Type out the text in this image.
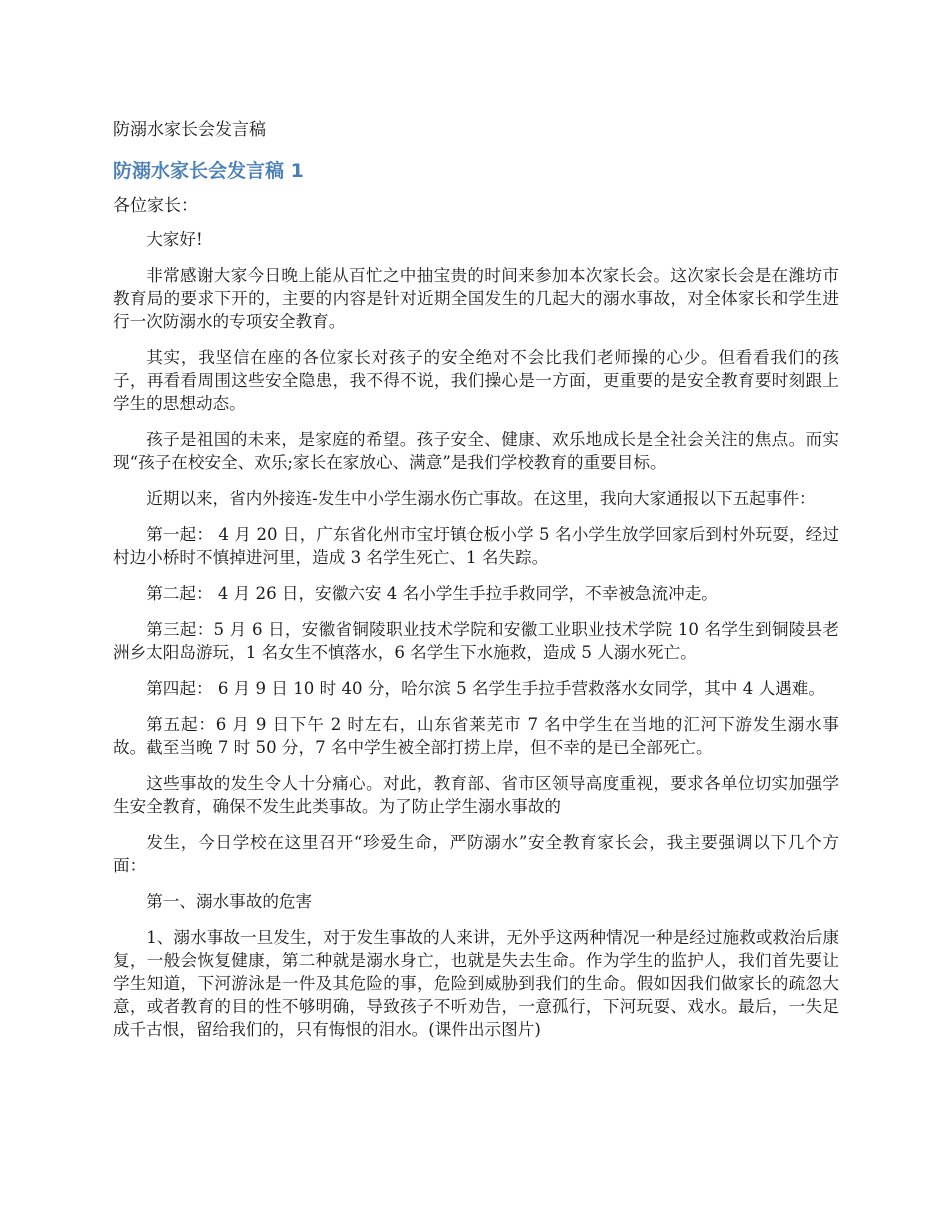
防溺水家长会发言稿
防溺水家长会发言稿 1
各位家长：

大家好!

非常感谢大家今日晚上能从百忙之中抽宝贵的时间来参加本次家长会。这次家长会是在潍坊市教育局的要求下开的，主要的内容是针对近期全国发生的几起大的溺水事故，对全体家长和学生进行一次防溺水的专项安全教育。

其实，我坚信在座的各位家长对孩子的安全绝对不会比我们老师操的心少。但看看我们的孩子，再看看周围这些安全隐患，我不得不说，我们操心是一方面，更重要的是安全教育要时刻跟上学生的思想动态。

孩子是祖国的未来，是家庭的希望。孩子安全、健康、欢乐地成长是全社会关注的焦点。而实现“孩子在校安全、欢乐;家长在家放心、满意”是我们学校教育的重要目标。

近期以来，省内外接连-发生中小学生溺水伤亡事故。在这里，我向大家通报以下五起事件：

第一起： 4 月 20 日，广东省化州市宝圩镇仓板小学 5 名小学生放学回家后到村外玩耍，经过村边小桥时不慎掉进河里，造成 3 名学生死亡、1 名失踪。

第二起： 4 月 26 日，安徽六安 4 名小学生手拉手救同学，不幸被急流冲走。

第三起：5 月 6 日，安徽省铜陵职业技术学院和安徽工业职业技术学院 10 名学生到铜陵县老洲乡太阳岛游玩，1 名女生不慎落水，6 名学生下水施救，造成 5 人溺水死亡。

第四起： 6 月 9 日 10 时 40 分，哈尔滨 5 名学生手拉手营救落水女同学，其中 4 人遇难。

第五起：6 月 9 日下午 2 时左右，山东省莱芜市 7 名中学生在当地的汇河下游发生溺水事故。截至当晚 7 时 50 分，7 名中学生被全部打捞上岸，但不幸的是已全部死亡。

这些事故的发生令人十分痛心。对此，教育部、省市区领导高度重视，要求各单位切实加强学生安全教育，确保不发生此类事故。为了防止学生溺水事故的

发生，今日学校在这里召开“珍爱生命，严防溺水”安全教育家长会，我主要强调以下几个方面：

第一、溺水事故的危害

1、溺水事故一旦发生，对于发生事故的人来讲，无外乎这两种情况一种是经过施救或救治后康复，一般会恢复健康，第二种就是溺水身亡，也就是失去生命。作为学生的监护人，我们首先要让学生知道，下河游泳是一件及其危险的事，危险到威胁到我们的生命。假如因我们做家长的疏忽大意，或者教育的目的性不够明确，导致孩子不听劝告，一意孤行，下河玩耍、戏水。最后，一失足成千古恨，留给我们的，只有悔恨的泪水。(课件出示图片)
